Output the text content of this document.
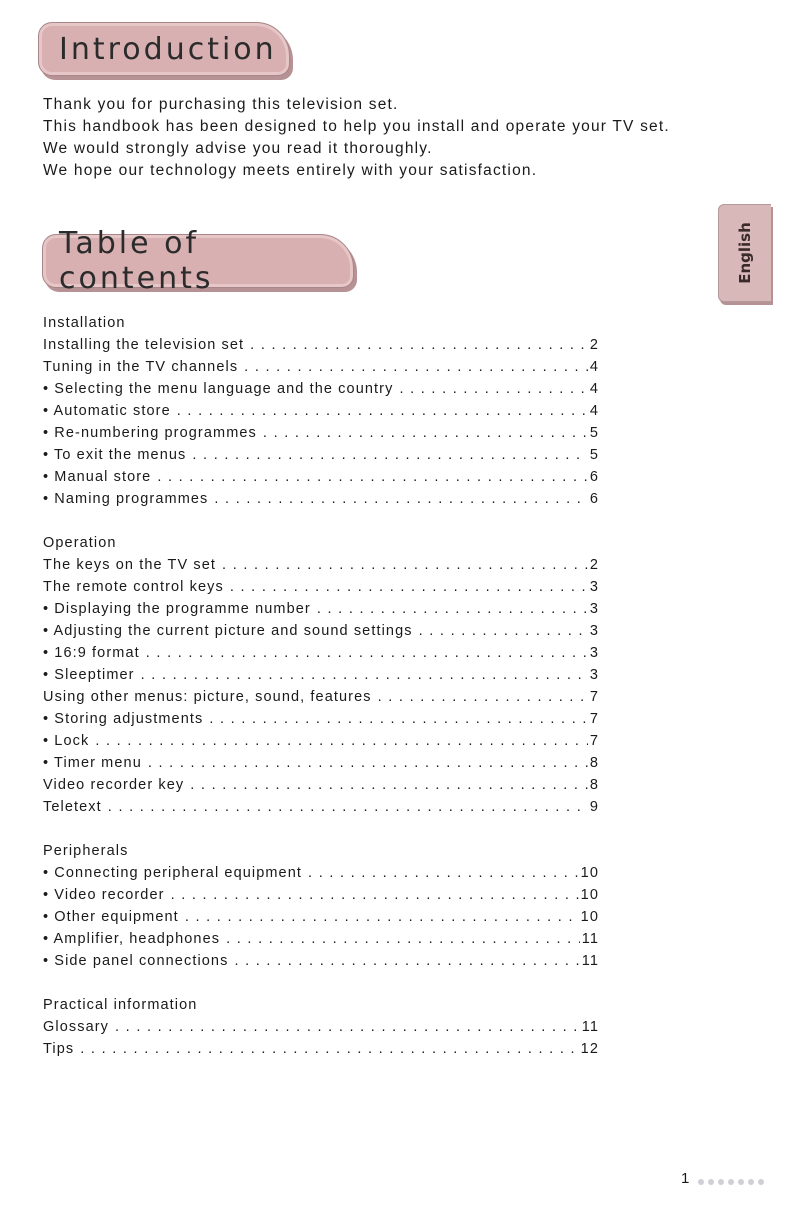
Introduction

Thank you for purchasing this television set.

This handbook has been designed to help you install and operate your TV set.

We would strongly advise you read it thoroughly.

We hope our technology meets entirely with your satisfaction.

English
Table of contents
Installation
Installing the television set . . .	2
Tuning in the TV channels . . .	4
• Selecting the menu language and the country . . .	4
• Automatic store . . .	4
• Re-numbering programmes . . .	5
• To exit the menus . . .	5
• Manual store . . .	6
• Naming programmes . . .	6
Operation
The keys on the TV set . . .	2
The remote control keys . . .	3
• Displaying the programme number . . .	3
• Adjusting the current picture and sound settings . . .	3
• 16:9 format . . .	3
• Sleeptimer . . .	3
Using other menus: picture, sound, features . . .	7
• Storing adjustments . . .	7
• Lock . . .	7
• Timer menu . . .	8
Video recorder key . . .	8
Teletext . . .	9
Peripherals
• Connecting peripheral equipment . . .	10
• Video recorder . . .	10
• Other equipment . . .	10
• Amplifier, headphones . . .	11
• Side panel connections . . .	11
Practical information
Glossary . . .	11
Tips . . .	12
1
